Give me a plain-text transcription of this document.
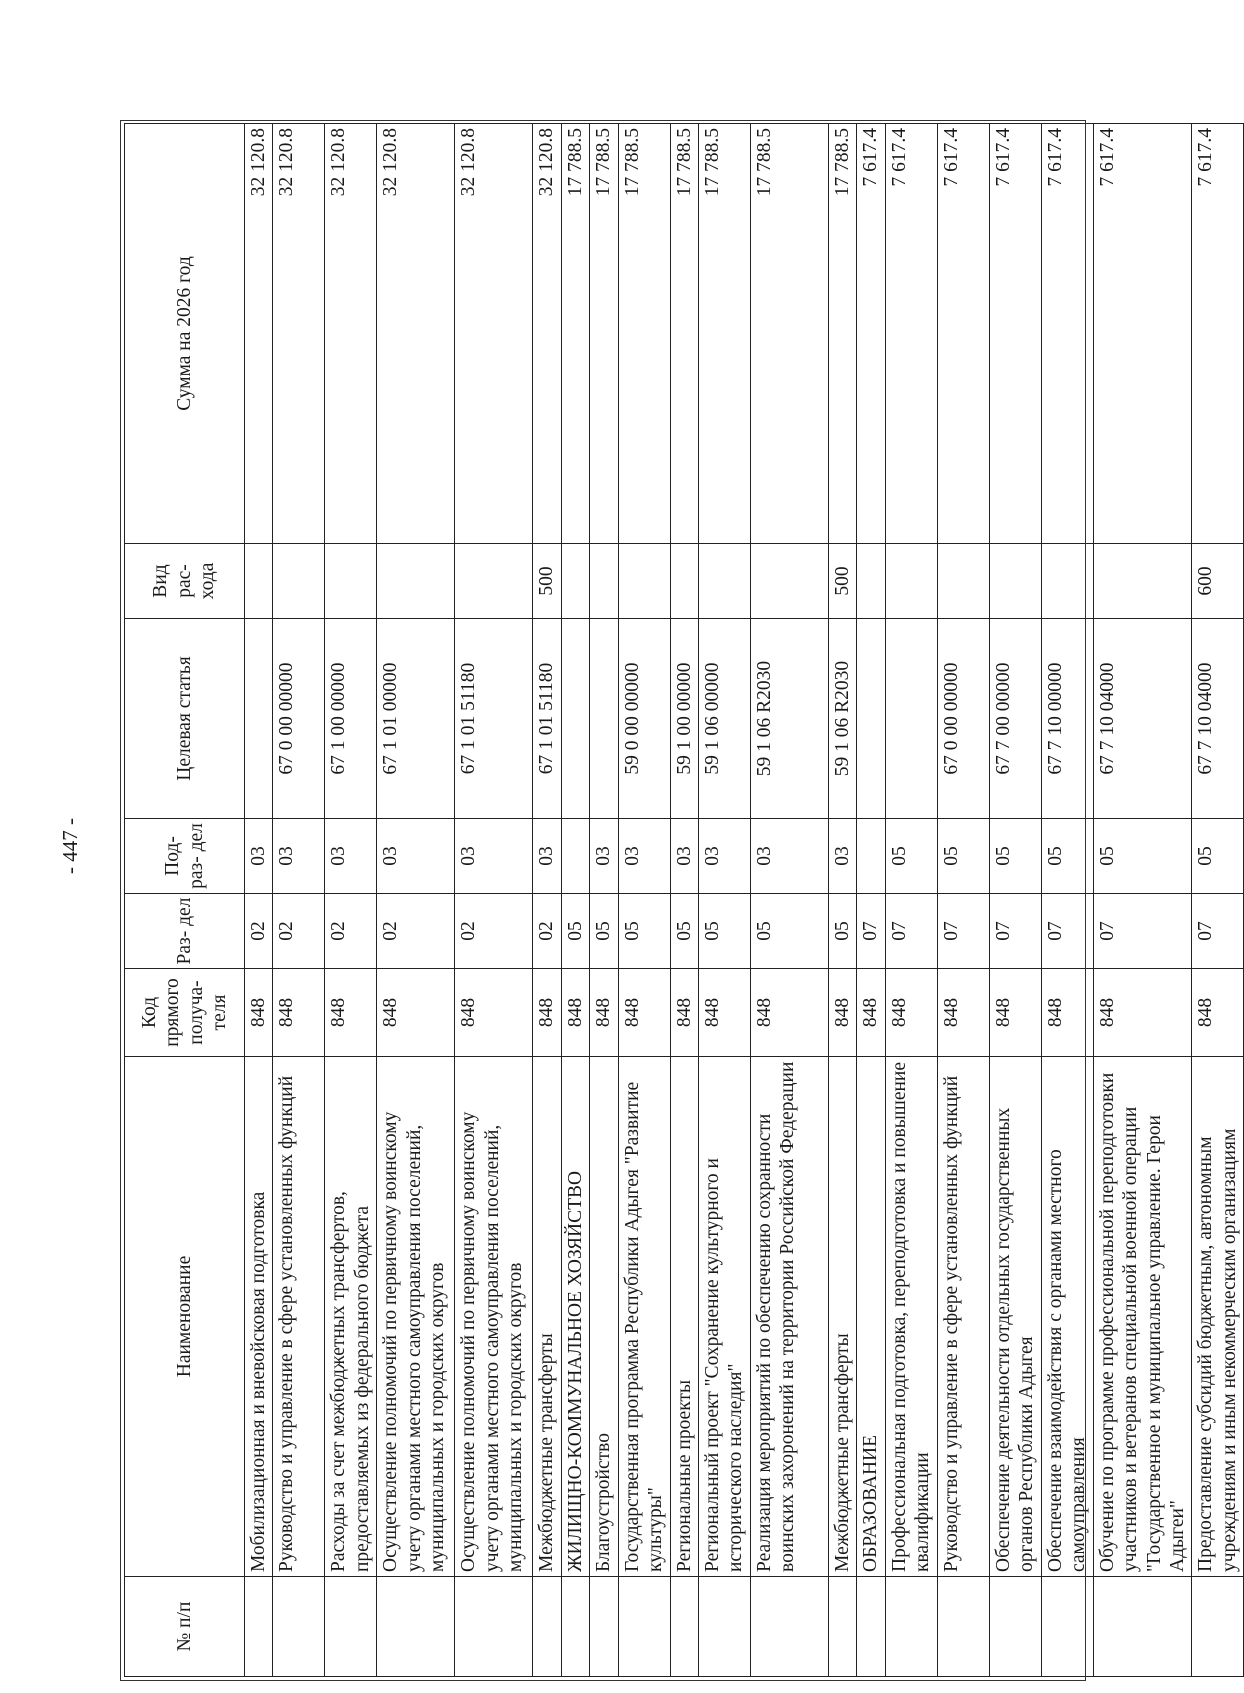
- 447 -
№ п/п	Наименование	Код прямого получа- теля	Раз- дел	Под- раз- дел	Целевая статья	Вид рас- хода	Сумма на 2026 год
	Мобилизационная и вневойсковая подготовка	848	02	03			32 120.8
	Руководство и управление в сфере установленных функций	848	02	03	67 0 00 00000		32 120.8
	Расходы за счет межбюджетных трансфертов, предоставляемых из федерального бюджета	848	02	03	67 1 00 00000		32 120.8
	Осуществление полномочий по первичному воинскому учету органами местного самоуправления поселений, муниципальных и городских округов	848	02	03	67 1 01 00000		32 120.8
	Осуществление полномочий по первичному воинскому учету органами местного самоуправления поселений, муниципальных и городских округов	848	02	03	67 1 01 51180		32 120.8
	Межбюджетные трансферты	848	02	03	67 1 01 51180	500	32 120.8
	ЖИЛИЩНО-КОММУНАЛЬНОЕ ХОЗЯЙСТВО	848	05				17 788.5
	Благоустройство	848	05	03			17 788.5
	Государственная программа Республики Адыгея "Развитие культуры"	848	05	03	59 0 00 00000		17 788.5
	Региональные проекты	848	05	03	59 1 00 00000		17 788.5
	Региональный проект "Сохранение культурного и исторического наследия"	848	05	03	59 1 06 00000		17 788.5
	Реализация мероприятий по обеспечению сохранности воинских захоронений на территории Российской Федерации	848	05	03	59 1 06 R2030		17 788.5
	Межбюджетные трансферты	848	05	03	59 1 06 R2030	500	17 788.5
	ОБРАЗОВАНИЕ	848	07				7 617.4
	Профессиональная подготовка, переподготовка и повышение квалификации	848	07	05			7 617.4
	Руководство и управление в сфере установленных функций	848	07	05	67 0 00 00000		7 617.4
	Обеспечение деятельности отдельных государственных органов Республики Адыгея	848	07	05	67 7 00 00000		7 617.4
	Обеспечение взаимодействия с органами местного самоуправления	848	07	05	67 7 10 00000		7 617.4
	Обучение по программе профессиональной переподготовки участников и ветеранов специальной военной операции "Государственное и муниципальное управление. Герои Адыгеи"	848	07	05	67 7 10 04000		7 617.4
	Предоставление субсидий бюджетным, автономным учреждениям и иным некоммерческим организациям	848	07	05	67 7 10 04000	600	7 617.4
